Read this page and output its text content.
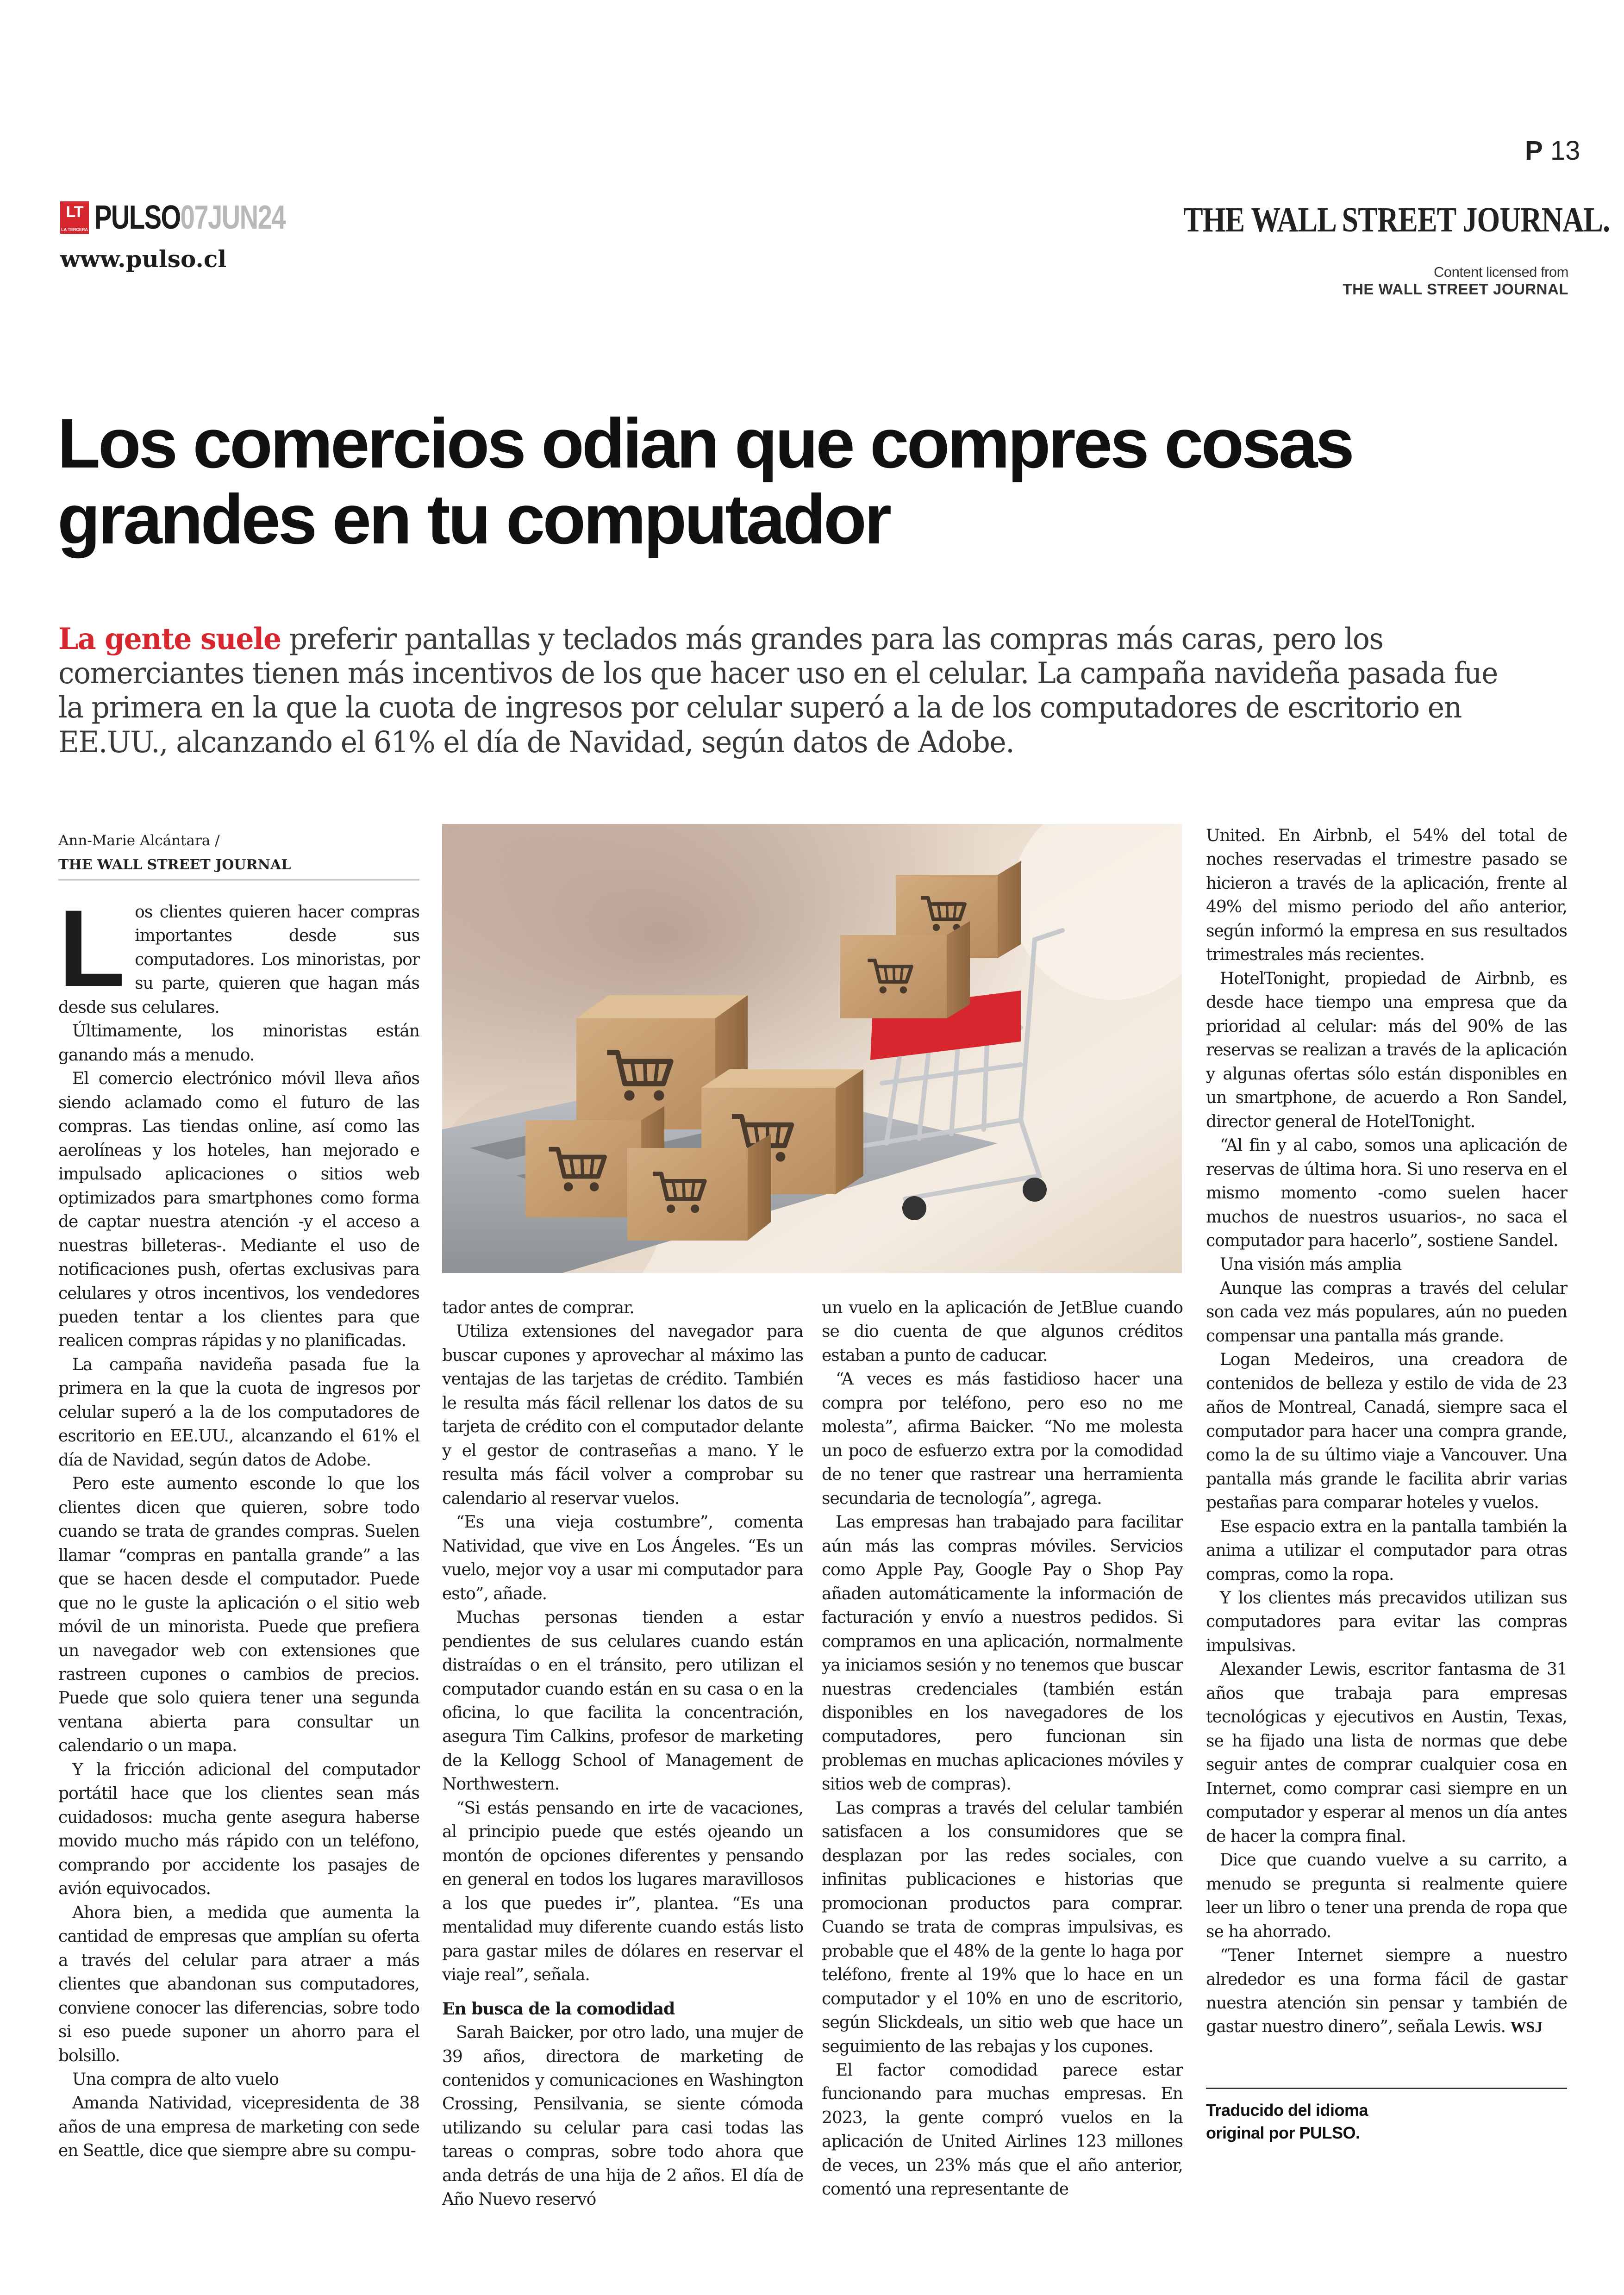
P 13
LT
LA TERCERA PULSO07JUN24
www.pulso.cl
THE WALL STREET JOURNAL.
Content licensed from
THE WALL STREET JOURNAL
Los comercios odian que compres cosas grandes en tu computador
La gente suele preferir pantallas y teclados más grandes para las compras más caras, pero los comerciantes tienen más incentivos de los que hacer uso en el celular. La campaña navideña pasada fue la primera en la que la cuota de ingresos por celular superó a la de los computadores de escritorio en EE.UU., alcanzando el 61% el día de Navidad, según datos de Adobe.
Ann-Marie Alcántara /
THE WALL STREET JOURNAL

Los clientes quieren hacer compras importantes desde sus computadores. Los minoristas, por su parte, quieren que hagan más desde sus celulares.

Últimamente, los minoristas están ganando más a menudo.

El comercio electrónico móvil lleva años siendo aclamado como el futuro de las compras. Las tiendas online, así como las aerolíneas y los hoteles, han mejorado e impulsado aplicaciones o sitios web optimizados para smartphones como forma de captar nuestra atención -y el acceso a nuestras billeteras-. Mediante el uso de notificaciones push, ofertas exclusivas para celulares y otros incentivos, los vendedores pueden tentar a los clientes para que realicen compras rápidas y no planificadas.

La campaña navideña pasada fue la primera en la que la cuota de ingresos por celular superó a la de los computadores de escritorio en EE.UU., alcanzando el 61% el día de Navidad, según datos de Adobe.

Pero este aumento esconde lo que los clientes dicen que quieren, sobre todo cuando se trata de grandes compras. Suelen llamar “compras en pantalla grande” a las que se hacen desde el computador. Puede que no le guste la aplicación o el sitio web móvil de un minorista. Puede que prefiera un navegador web con extensiones que rastreen cupones o cambios de precios. Puede que solo quiera tener una segunda ventana abierta para consultar un calendario o un mapa.

Y la fricción adicional del computador portátil hace que los clientes sean más cuidadosos: mucha gente asegura haberse movido mucho más rápido con un teléfono, comprando por accidente los pasajes de avión equivocados.

Ahora bien, a medida que aumenta la cantidad de empresas que amplían su oferta a través del celular para atraer a más clientes que abandonan sus computadores, conviene conocer las diferencias, sobre todo si eso puede suponer un ahorro para el bolsillo.

Una compra de alto vuelo

Amanda Natividad, vicepresidenta de 38 años de una empresa de marketing con sede en Seattle, dice que siempre abre su compu-

tador antes de comprar.

Utiliza extensiones del navegador para buscar cupones y aprovechar al máximo las ventajas de las tarjetas de crédito. También le resulta más fácil rellenar los datos de su tarjeta de crédito con el computador delante y el gestor de contraseñas a mano. Y le resulta más fácil volver a comprobar su calendario al reservar vuelos.

“Es una vieja costumbre”, comenta Natividad, que vive en Los Ángeles. “Es un vuelo, mejor voy a usar mi computador para esto”, añade.

Muchas personas tienden a estar pendientes de sus celulares cuando están distraídas o en el tránsito, pero utilizan el computador cuando están en su casa o en la oficina, lo que facilita la concentración, asegura Tim Calkins, profesor de marketing de la Kellogg School of Management de Northwestern.

“Si estás pensando en irte de vacaciones, al principio puede que estés ojeando un montón de opciones diferentes y pensando en general en todos los lugares maravillosos a los que puedes ir”, plantea. “Es una mentalidad muy diferente cuando estás listo para gastar miles de dólares en reservar el viaje real”, señala.

En busca de la comodidad

Sarah Baicker, por otro lado, una mujer de 39 años, directora de marketing de contenidos y comunicaciones en Washington Crossing, Pensilvania, se siente cómoda utilizando su celular para casi todas las tareas o compras, sobre todo ahora que anda detrás de una hija de 2 años. El día de Año Nuevo reservó

un vuelo en la aplicación de JetBlue cuando se dio cuenta de que algunos créditos estaban a punto de caducar.

“A veces es más fastidioso hacer una compra por teléfono, pero eso no me molesta”, afirma Baicker. “No me molesta un poco de esfuerzo extra por la comodidad de no tener que rastrear una herramienta secundaria de tecnología”, agrega.

Las empresas han trabajado para facilitar aún más las compras móviles. Servicios como Apple Pay, Google Pay o Shop Pay añaden automáticamente la información de facturación y envío a nuestros pedidos. Si compramos en una aplicación, normalmente ya iniciamos sesión y no tenemos que buscar nuestras credenciales (también están disponibles en los navegadores de los computadores, pero funcionan sin problemas en muchas aplicaciones móviles y sitios web de compras).

Las compras a través del celular también satisfacen a los consumidores que se desplazan por las redes sociales, con infinitas publicaciones e historias que promocionan productos para comprar. Cuando se trata de compras impulsivas, es probable que el 48% de la gente lo haga por teléfono, frente al 19% que lo hace en un computador y el 10% en uno de escritorio, según Slickdeals, un sitio web que hace un seguimiento de las rebajas y los cupones.

El factor comodidad parece estar funcionando para muchas empresas. En 2023, la gente compró vuelos en la aplicación de United Airlines 123 millones de veces, un 23% más que el año anterior, comentó una representante de

United. En Airbnb, el 54% del total de noches reservadas el trimestre pasado se hicieron a través de la aplicación, frente al 49% del mismo periodo del año anterior, según informó la empresa en sus resultados trimestrales más recientes.

HotelTonight, propiedad de Airbnb, es desde hace tiempo una empresa que da prioridad al celular: más del 90% de las reservas se realizan a través de la aplicación y algunas ofertas sólo están disponibles en un smartphone, de acuerdo a Ron Sandel, director general de HotelTonight.

“Al fin y al cabo, somos una aplicación de reservas de última hora. Si uno reserva en el mismo momento -como suelen hacer muchos de nuestros usuarios-, no saca el computador para hacerlo”, sostiene Sandel.

Una visión más amplia

Aunque las compras a través del celular son cada vez más populares, aún no pueden compensar una pantalla más grande.

Logan Medeiros, una creadora de contenidos de belleza y estilo de vida de 23 años de Montreal, Canadá, siempre saca el computador para hacer una compra grande, como la de su último viaje a Vancouver. Una pantalla más grande le facilita abrir varias pestañas para comparar hoteles y vuelos.

Ese espacio extra en la pantalla también la anima a utilizar el computador para otras compras, como la ropa.

Y los clientes más precavidos utilizan sus computadores para evitar las compras impulsivas.

Alexander Lewis, escritor fantasma de 31 años que trabaja para empresas tecnológicas y ejecutivos en Austin, Texas, se ha fijado una lista de normas que debe seguir antes de comprar cualquier cosa en Internet, como comprar casi siempre en un computador y esperar al menos un día antes de hacer la compra final.

Dice que cuando vuelve a su carrito, a menudo se pregunta si realmente quiere leer un libro o tener una prenda de ropa que se ha ahorrado.

“Tener Internet siempre a nuestro alrededor es una forma fácil de gastar nuestra atención sin pensar y también de gastar nuestro dinero”, señala Lewis. WSJ

Traducido del idioma
original por PULSO.
